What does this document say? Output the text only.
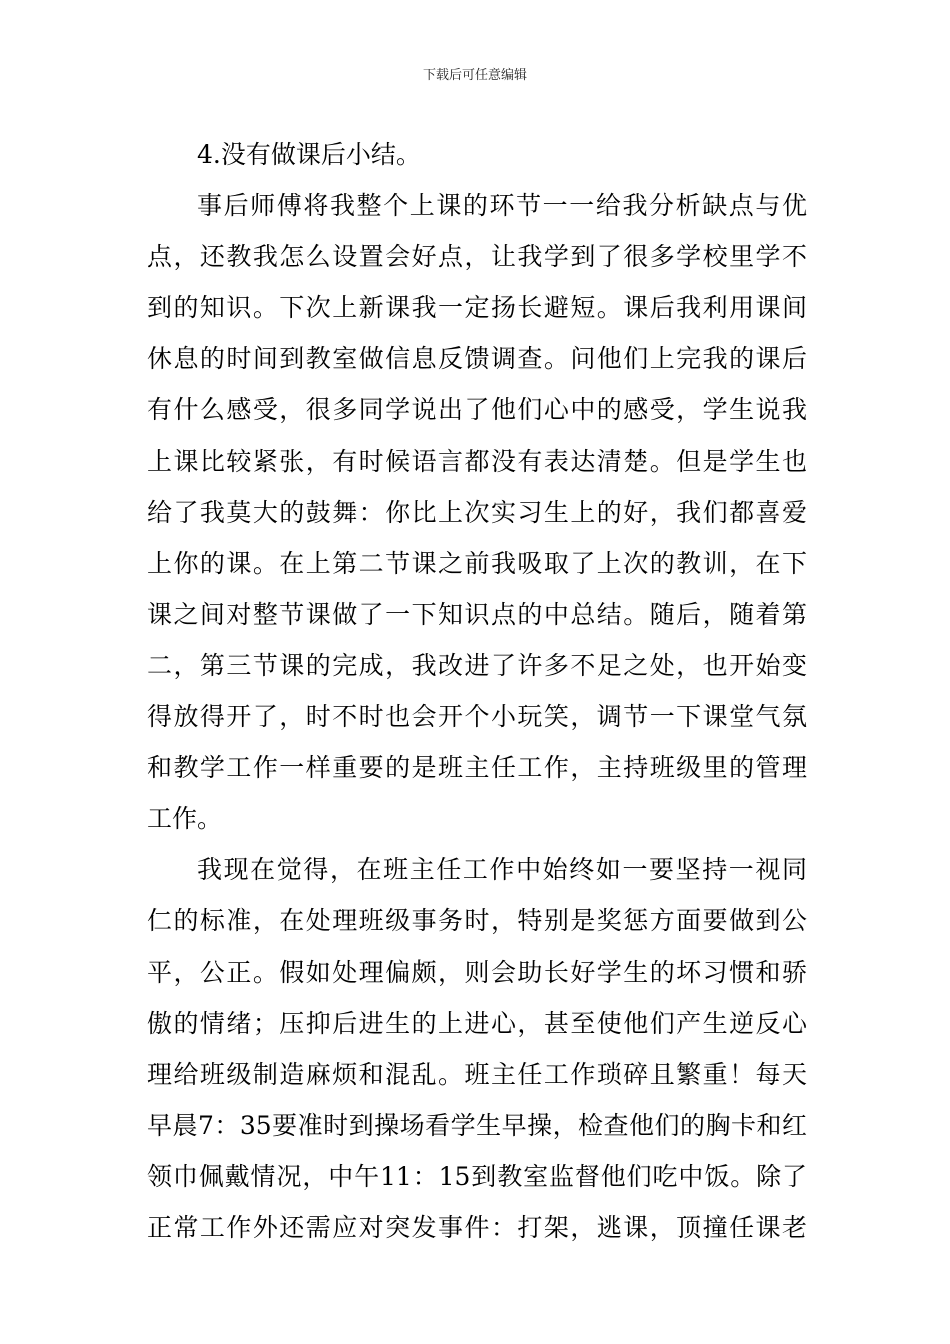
下载后可任意编辑
4.没有做课后小结。
事后师傅将我整个上课的环节一一给我分析缺点与优
点，还教我怎么设置会好点，让我学到了很多学校里学不
到的知识。下次上新课我一定扬长避短。课后我利用课间
休息的时间到教室做信息反馈调查。问他们上完我的课后
有什么感受，很多同学说出了他们心中的感受，学生说我
上课比较紧张，有时候语言都没有表达清楚。但是学生也
给了我莫大的鼓舞：你比上次实习生上的好，我们都喜爱
上你的课。在上第二节课之前我吸取了上次的教训，在下
课之间对整节课做了一下知识点的中总结。随后，随着第
二，第三节课的完成，我改进了许多不足之处，也开始变
得放得开了，时不时也会开个小玩笑，调节一下课堂气氛
和教学工作一样重要的是班主任工作，主持班级里的管理
工作。
我现在觉得，在班主任工作中始终如一要坚持一视同
仁的标准，在处理班级事务时，特别是奖惩方面要做到公
平，公正。假如处理偏颇，则会助长好学生的坏习惯和骄
傲的情绪；压抑后进生的上进心，甚至使他们产生逆反心
理给班级制造麻烦和混乱。班主任工作琐碎且繁重！每天
早晨7：35要准时到操场看学生早操，检查他们的胸卡和红
领巾佩戴情况，中午11：15到教室监督他们吃中饭。除了
正常工作外还需应对突发事件：打架，逃课，顶撞任课老
